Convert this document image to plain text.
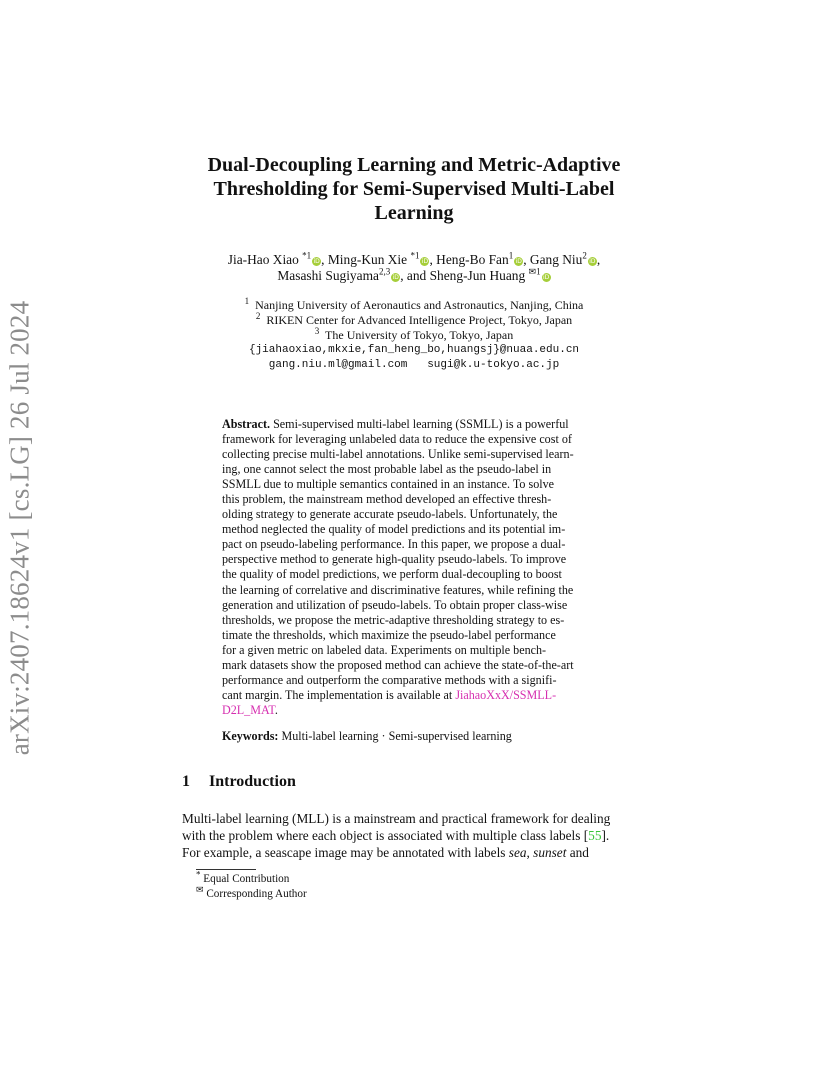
arXiv:2407.18624v1 [cs.LG] 26 Jul 2024
Dual-Decoupling Learning and Metric-Adaptive
Thresholding for Semi-Supervised Multi-Label
Learning
Jia-Hao Xiao $^{*1}$iD, Ming-Kun Xie $^{*1}$iD, Heng-Bo Fan$^1$iD, Gang Niu$^2$iD,
Masashi Sugiyama$^{2,3}$iD, and Sheng-Jun Huang $^{✉1}$iD
$^1$ Nanjing University of Aeronautics and Astronautics, Nanjing, China
$^2$ RIKEN Center for Advanced Intelligence Project, Tokyo, Japan
$^3$ The University of Tokyo, Tokyo, Japan
{jiahaoxiao,mkxie,fan_heng_bo,huangsj}@nuaa.edu.cn
gang.niu.ml@gmail.com sugi@k.u-tokyo.ac.jp
Abstract. Semi-supervised multi-label learning (SSMLL) is a powerful
framework for leveraging unlabeled data to reduce the expensive cost of
collecting precise multi-label annotations. Unlike semi-supervised learn-
ing, one cannot select the most probable label as the pseudo-label in
SSMLL due to multiple semantics contained in an instance. To solve
this problem, the mainstream method developed an effective thresh-
olding strategy to generate accurate pseudo-labels. Unfortunately, the
method neglected the quality of model predictions and its potential im-
pact on pseudo-labeling performance. In this paper, we propose a dual-
perspective method to generate high-quality pseudo-labels. To improve
the quality of model predictions, we perform dual-decoupling to boost
the learning of correlative and discriminative features, while refining the
generation and utilization of pseudo-labels. To obtain proper class-wise
thresholds, we propose the metric-adaptive thresholding strategy to es-
timate the thresholds, which maximize the pseudo-label performance
for a given metric on labeled data. Experiments on multiple bench-
mark datasets show the proposed method can achieve the state-of-the-art
performance and outperform the comparative methods with a signifi-
cant margin. The implementation is available at JiahaoXxX/SSMLL-
D2L_MAT.
Keywords: Multi-label learning · Semi-supervised learning
1 Introduction
Multi-label learning (MLL) is a mainstream and practical framework for dealing
with the problem where each object is associated with multiple class labels [55].
For example, a seascape image may be annotated with labels sea, sunset and
* Equal Contribution
✉ Corresponding Author
